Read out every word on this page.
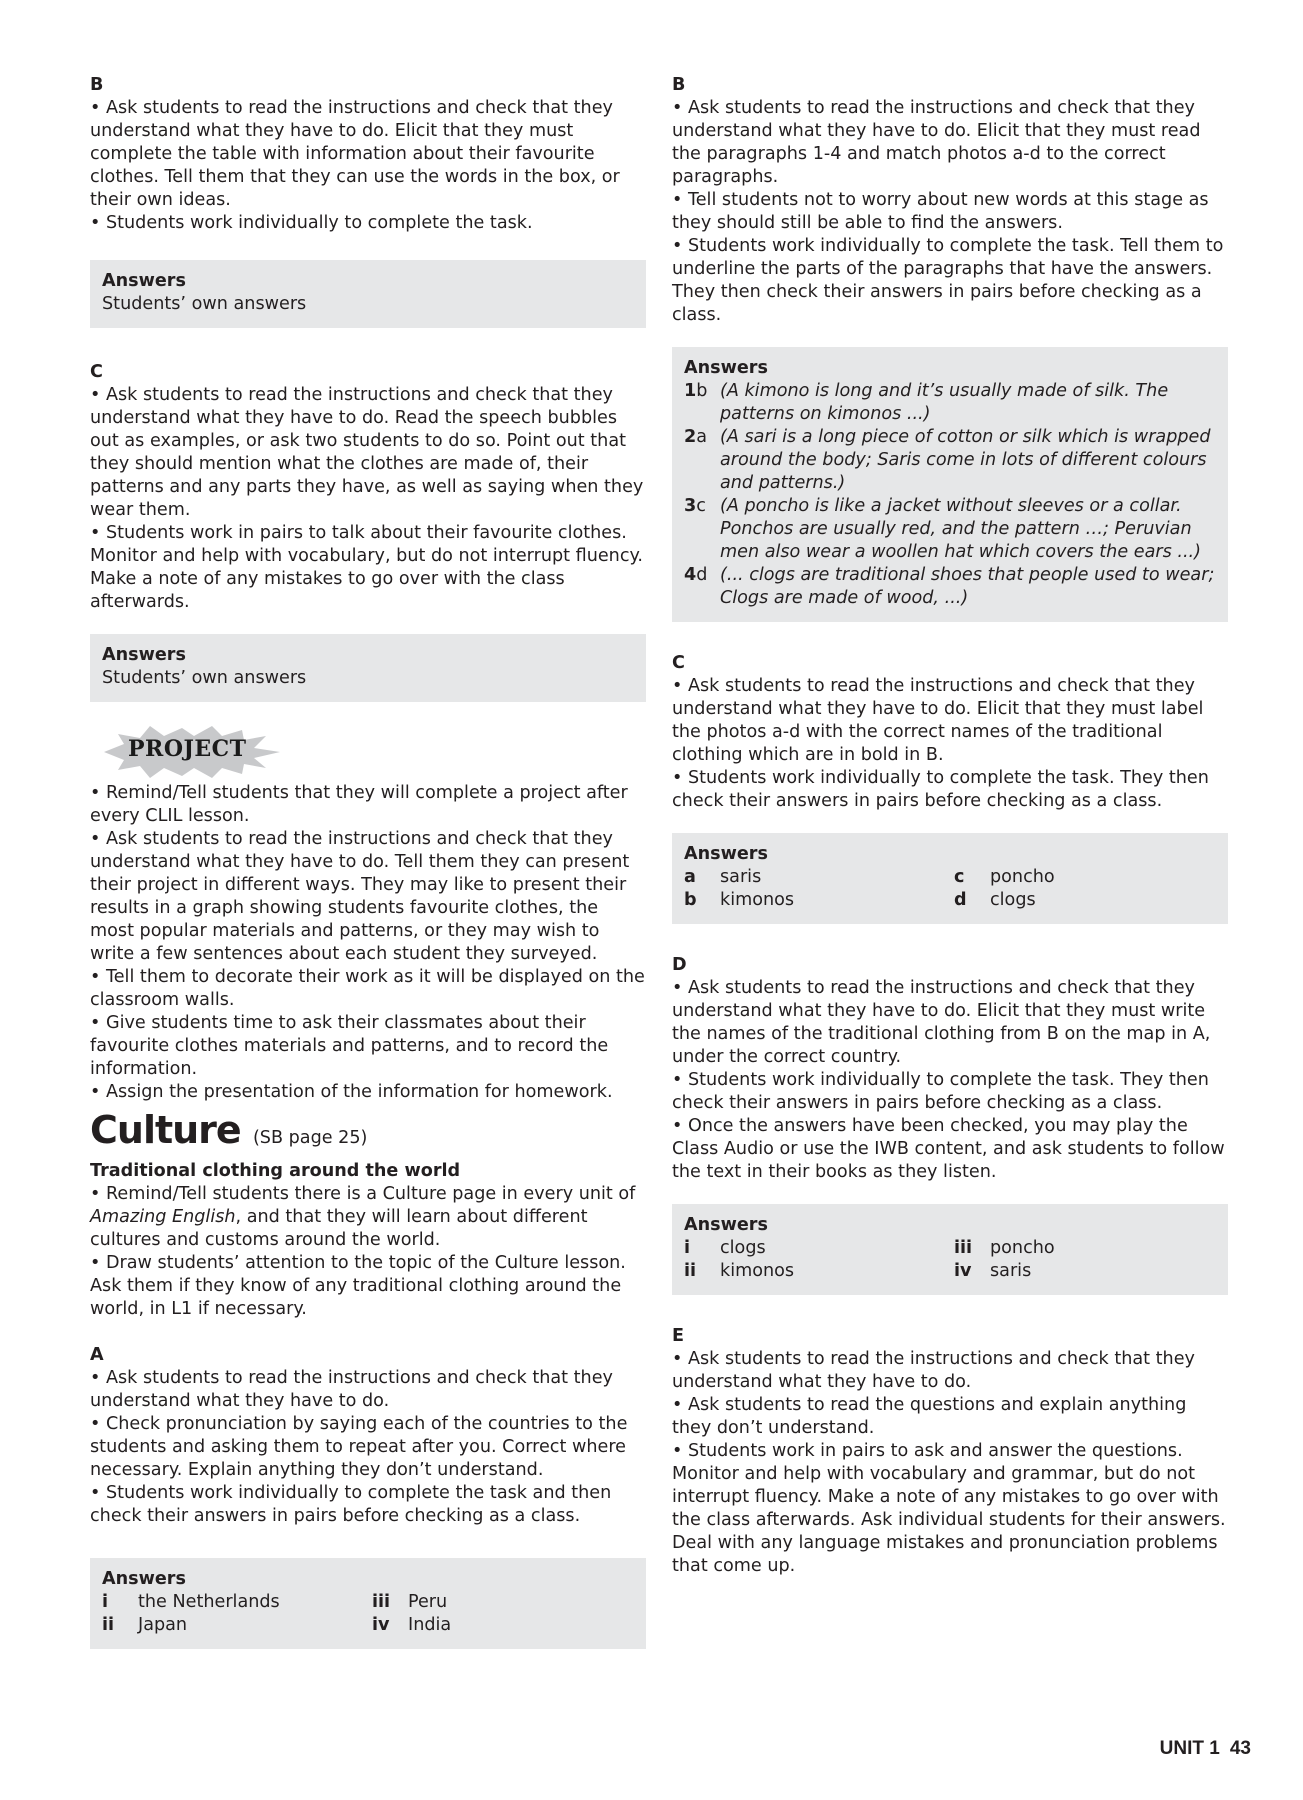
B

• Ask students to read the instructions and check that they understand what they have to do. Elicit that they must complete the table with information about their favourite clothes. Tell them that they can use the words in the box, or their own ideas.

• Students work individually to complete the task.

Answers
Students’ own answers

C

• Ask students to read the instructions and check that they understand what they have to do. Read the speech bubbles out as examples, or ask two students to do so. Point out that they should mention what the clothes are made of, their patterns and any parts they have, as well as saying when they wear them.

• Students work in pairs to talk about their favourite clothes. Monitor and help with vocabulary, but do not interrupt fluency. Make a note of any mistakes to go over with the class afterwards.

Answers
Students’ own answers
PROJECT

• Remind/Tell students that they will complete a project after every CLIL lesson.

• Ask students to read the instructions and check that they understand what they have to do. Tell them they can present their project in different ways. They may like to present their results in a graph showing students favourite clothes, the most popular materials and patterns, or they may wish to write a few sentences about each student they surveyed.

• Tell them to decorate their work as it will be displayed on the classroom walls.

• Give students time to ask their classmates about their favourite clothes materials and patterns, and to record the information.

• Assign the presentation of the information for homework.

Culture (SB page 25)

Traditional clothing around the world

• Remind/Tell students there is a Culture page in every unit of Amazing English, and that they will learn about different cultures and customs around the world.

• Draw students’ attention to the topic of the Culture lesson. Ask them if they know of any traditional clothing around the world, in L1 if necessary.

A

• Ask students to read the instructions and check that they understand what they have to do.

• Check pronunciation by saying each of the countries to the students and asking them to repeat after you. Correct where necessary. Explain anything they don’t understand.

• Students work individually to complete the task and then check their answers in pairs before checking as a class.

Answers
i	the Netherlands	iii	Peru
ii	Japan	iv	India

B

• Ask students to read the instructions and check that they understand what they have to do. Elicit that they must read the paragraphs 1-4 and match photos a-d to the correct paragraphs.

• Tell students not to worry about new words at this stage as they should still be able to find the answers.

• Students work individually to complete the task. Tell them to underline the parts of the paragraphs that have the answers. They then check their answers in pairs before checking as a class.

Answers
1b (A kimono is long and it’s usually made of silk. The patterns on kimonos ...)
2a (A sari is a long piece of cotton or silk which is wrapped around the body; Saris come in lots of different colours and patterns.)
3c (A poncho is like a jacket without sleeves or a collar. Ponchos are usually red, and the pattern …; Peruvian men also wear a woollen hat which covers the ears ...)
4d (... clogs are traditional shoes that people used to wear; Clogs are made of wood, ...)

C

• Ask students to read the instructions and check that they understand what they have to do. Elicit that they must label the photos a-d with the correct names of the traditional clothing which are in bold in B.

• Students work individually to complete the task. They then check their answers in pairs before checking as a class.

Answers
a	saris	c	poncho
b	kimonos	d	clogs

D

• Ask students to read the instructions and check that they understand what they have to do. Elicit that they must write the names of the traditional clothing from B on the map in A, under the correct country.

• Students work individually to complete the task. They then check their answers in pairs before checking as a class.

• Once the answers have been checked, you may play the Class Audio or use the IWB content, and ask students to follow the text in their books as they listen.

Answers
i	clogs	iii	poncho
ii	kimonos	iv	saris

E

• Ask students to read the instructions and check that they understand what they have to do.

• Ask students to read the questions and explain anything they don’t understand.

• Students work in pairs to ask and answer the questions. Monitor and help with vocabulary and grammar, but do not interrupt fluency. Make a note of any mistakes to go over with the class afterwards. Ask individual students for their answers. Deal with any language mistakes and pronunciation problems that come up.

UNIT 1 43
